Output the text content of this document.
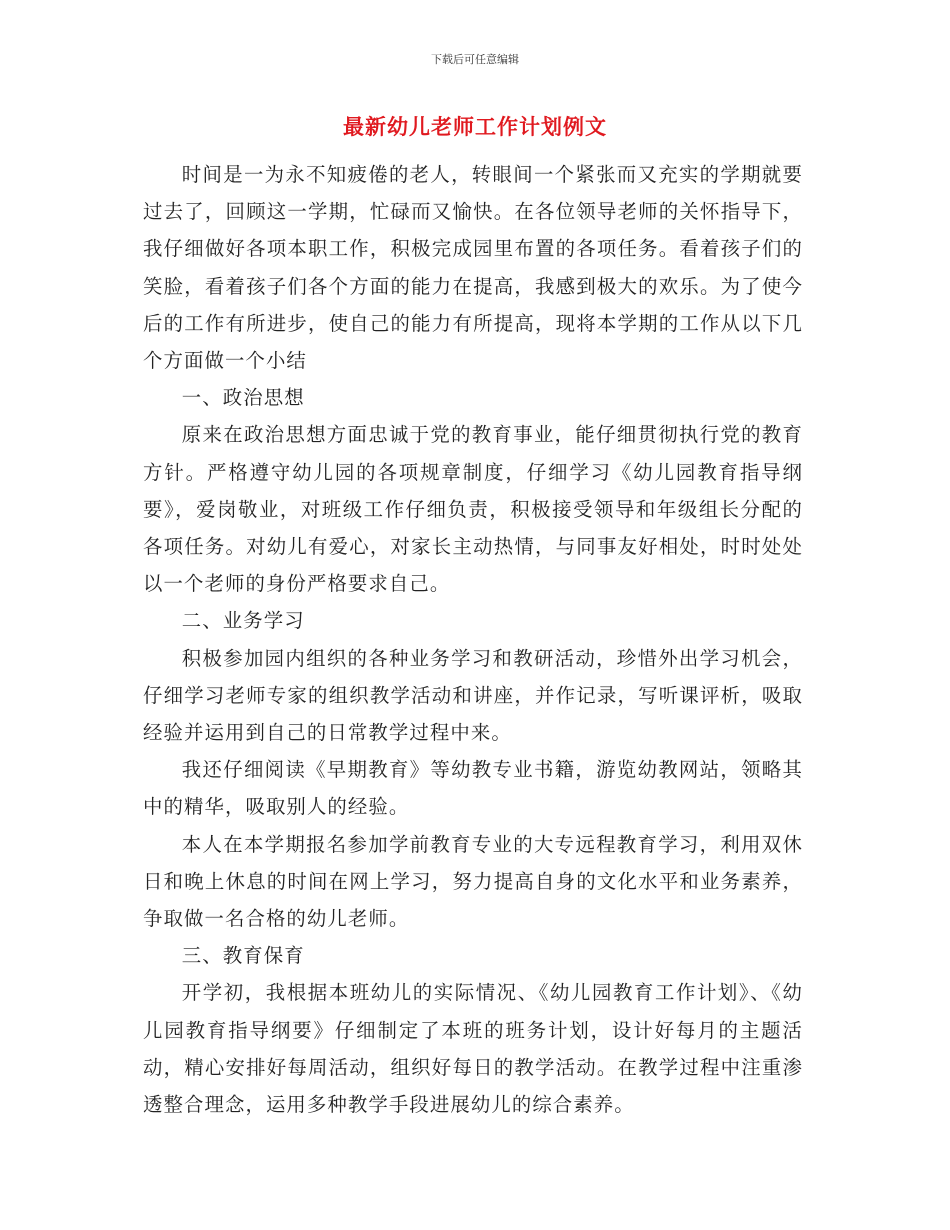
下载后可任意编辑
最新幼儿老师工作计划例文

时间是一为永不知疲倦的老人，转眼间一个紧张而又充实的学期就要过去了，回顾这一学期，忙碌而又愉快。在各位领导老师的关怀指导下，我仔细做好各项本职工作，积极完成园里布置的各项任务。看着孩子们的笑脸，看着孩子们各个方面的能力在提高，我感到极大的欢乐。为了使今后的工作有所进步，使自己的能力有所提高，现将本学期的工作从以下几个方面做一个小结

一、政治思想

原来在政治思想方面忠诚于党的教育事业，能仔细贯彻执行党的教育方针。严格遵守幼儿园的各项规章制度，仔细学习《幼儿园教育指导纲要》，爱岗敬业，对班级工作仔细负责，积极接受领导和年级组长分配的各项任务。对幼儿有爱心，对家长主动热情，与同事友好相处，时时处处以一个老师的身份严格要求自己。

二、业务学习

积极参加园内组织的各种业务学习和教研活动，珍惜外出学习机会，仔细学习老师专家的组织教学活动和讲座，并作记录，写听课评析，吸取经验并运用到自己的日常教学过程中来。

我还仔细阅读《早期教育》等幼教专业书籍，游览幼教网站，领略其中的精华，吸取别人的经验。

本人在本学期报名参加学前教育专业的大专远程教育学习，利用双休日和晚上休息的时间在网上学习，努力提高自身的文化水平和业务素养，争取做一名合格的幼儿老师。

三、教育保育

开学初，我根据本班幼儿的实际情况、《幼儿园教育工作计划》、《幼儿园教育指导纲要》仔细制定了本班的班务计划，设计好每月的主题活动，精心安排好每周活动，组织好每日的教学活动。在教学过程中注重渗透整合理念，运用多种教学手段进展幼儿的综合素养。
